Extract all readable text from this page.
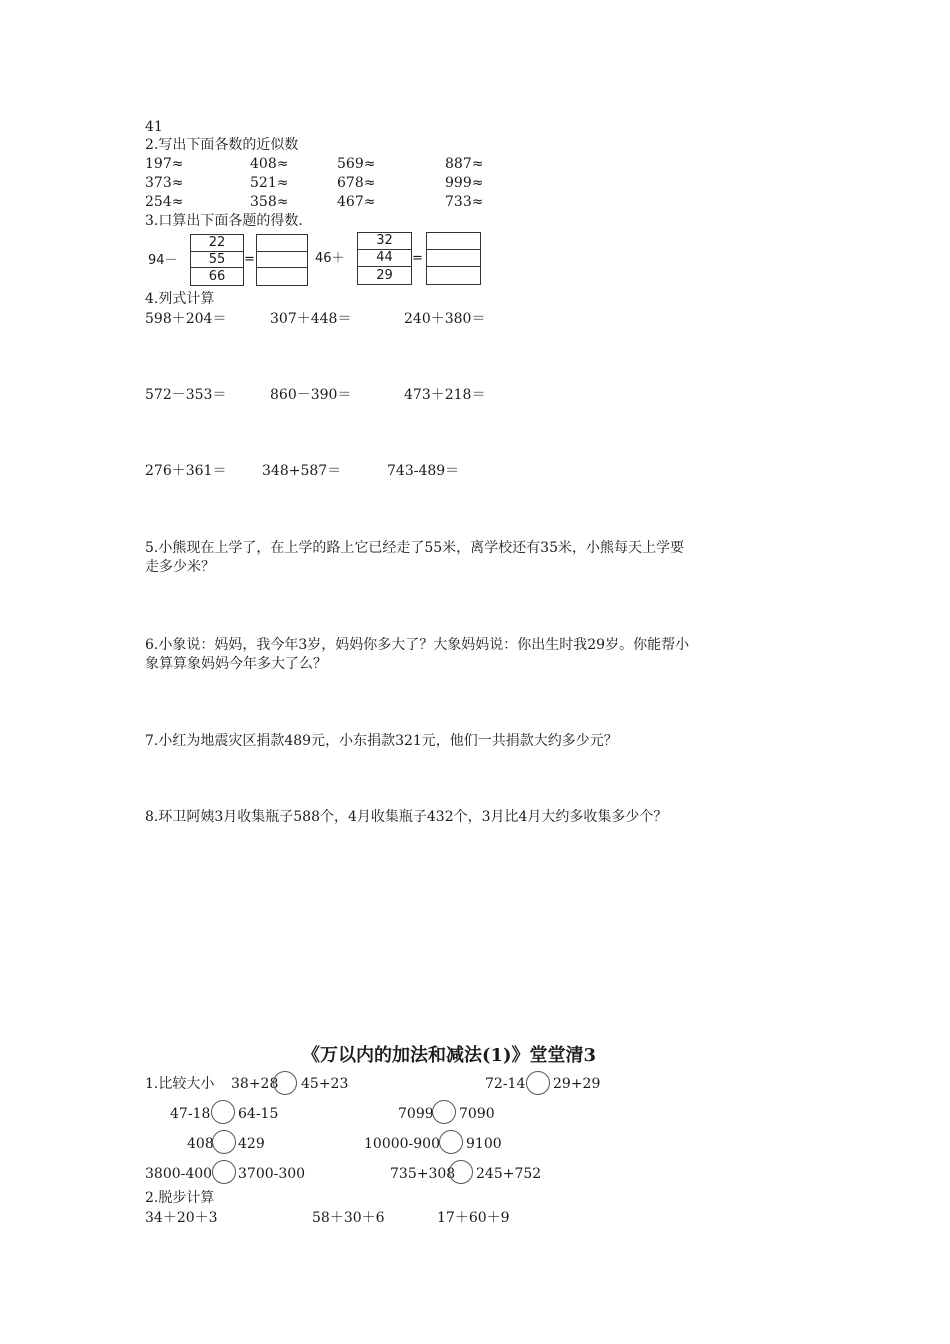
41
2.写出下面各数的近似数
197≈	408≈	569≈	887≈
373≈	521≈	678≈	999≈
254≈	358≈	467≈	733≈
3.口算出下面各题的得数.
94－
22
55
66
=	46＋
32
44
29
=
4.列式计算
598＋204＝	307＋448＝	240＋380＝
572－353＝	860－390＝	473＋218＝
276＋361＝	348+587＝	743-489＝
5.小熊现在上学了，在上学的路上它已经走了55米，离学校还有35米，小熊每天上学要
走多少米？
6.小象说：妈妈，我今年3岁，妈妈你多大了？大象妈妈说：你出生时我29岁。你能帮小
象算算象妈妈今年多大了么？
7.小红为地震灾区捐款489元，小东捐款321元，他们一共捐款大约多少元？
8.环卫阿姨3月收集瓶子588个，4月收集瓶子432个，3月比4月大约多收集多少个？
《万以内的加法和减法(1)》堂堂清3
1.比较大小 38+28 45+23	72-14 29+29
47-18 64-15	7099 7090
408 429	10000-900 9100
3800-400 3700-300	735+308 245+752
2.脱步计算
34＋20＋3	58＋30＋6	17＋60＋9
